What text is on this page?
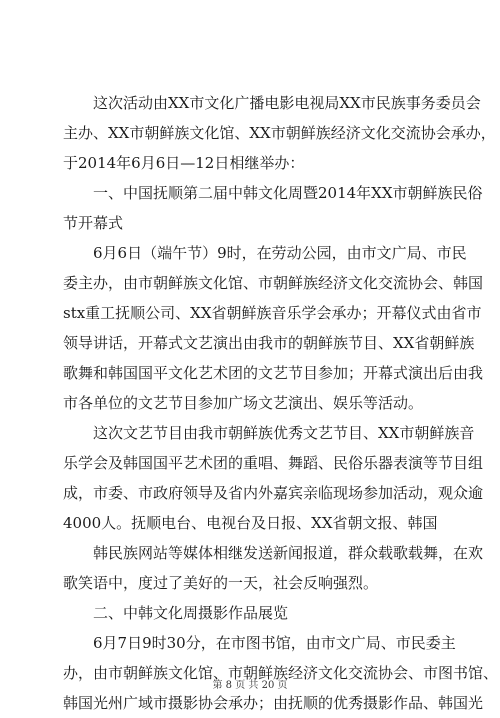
这次活动由XX市文化广播电影电视局XX市民族事务委员会
主办、XX市朝鲜族文化馆、XX市朝鲜族经济文化交流协会承办，
于2014年6月6日—12日相继举办：
一、中国抚顺第二届中韩文化周暨2014年XX市朝鲜族民俗
节开幕式
6月6日（端午节）9时，在劳动公园，由市文广局、市民
委主办，由市朝鲜族文化馆、市朝鲜族经济文化交流协会、韩国
stx重工抚顺公司、XX省朝鲜族音乐学会承办；开幕仪式由省市
领导讲话，开幕式文艺演出由我市的朝鲜族节目、XX省朝鲜族
歌舞和韩国国平文化艺术团的文艺节目参加；开幕式演出后由我
市各单位的文艺节目参加广场文艺演出、娱乐等活动。
这次文艺节目由我市朝鲜族优秀文艺节目、XX市朝鲜族音
乐学会及韩国国平艺术团的重唱、舞蹈、民俗乐器表演等节目组
成，市委、市政府领导及省内外嘉宾亲临现场参加活动，观众逾
4000人。抚顺电台、电视台及日报、XX省朝文报、韩国
韩民族网站等媒体相继发送新闻报道，群众载歌载舞，在欢
歌笑语中，度过了美好的一天，社会反响强烈。
二、中韩文化周摄影作品展览
6月7日9时30分，在市图书馆，由市文广局、市民委主
办，由市朝鲜族文化馆、市朝鲜族经济文化交流协会、市图书馆、
韩国光州广域市摄影协会承办；由抚顺的优秀摄影作品、韩国光
第 8 页 共 20 页
